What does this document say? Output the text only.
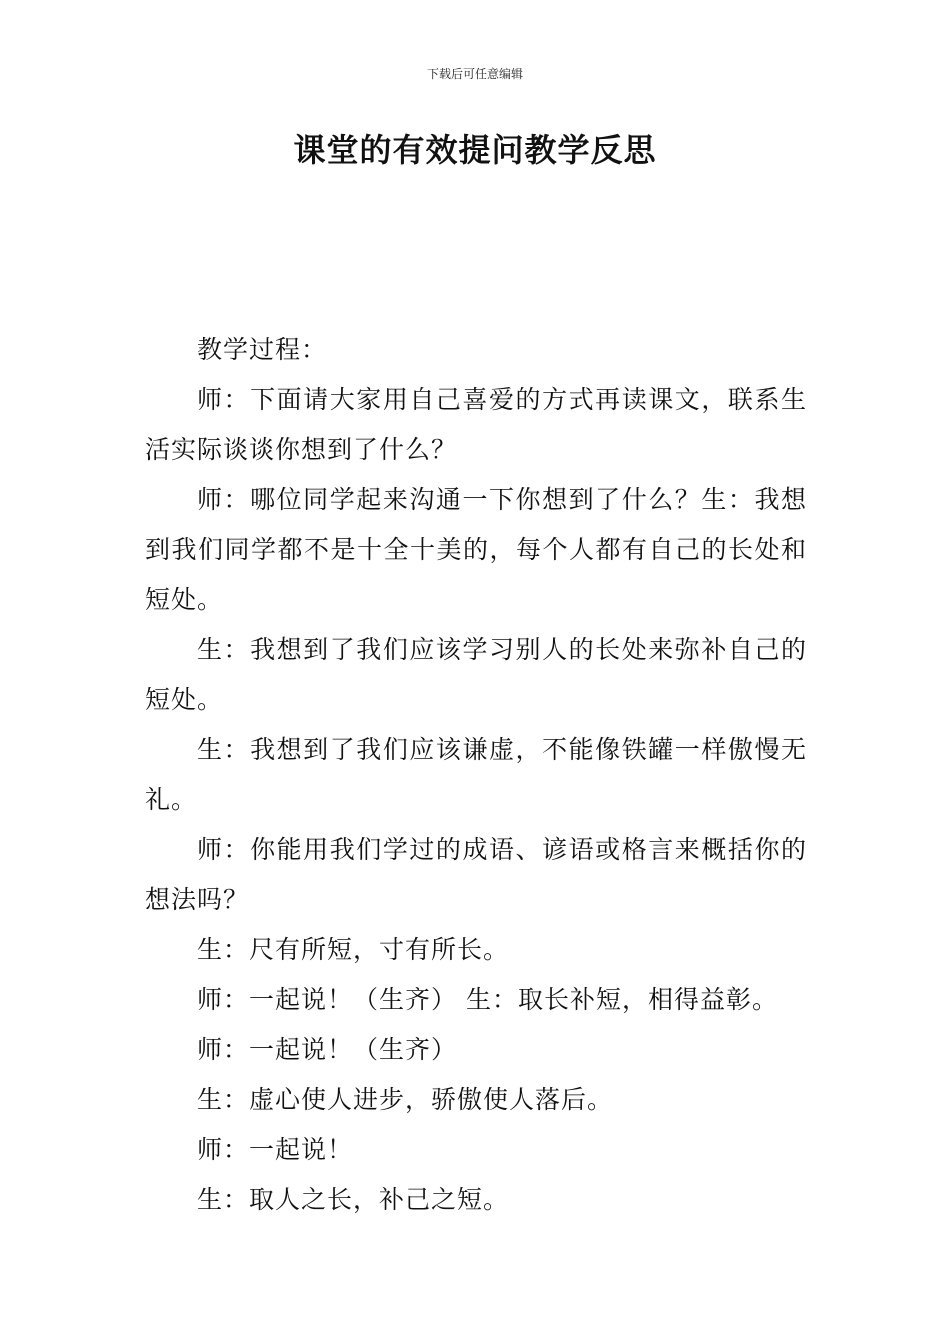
下载后可任意编辑
课堂的有效提问教学反思

教学过程：

师：下面请大家用自己喜爱的方式再读课文，联系生活实际谈谈你想到了什么？

师：哪位同学起来沟通一下你想到了什么？生：我想到我们同学都不是十全十美的，每个人都有自己的长处和短处。

生：我想到了我们应该学习别人的长处来弥补自己的短处。

生：我想到了我们应该谦虚，不能像铁罐一样傲慢无礼。

师：你能用我们学过的成语、谚语或格言来概括你的想法吗？

生：尺有所短，寸有所长。

师：一起说！（生齐） 生：取长补短，相得益彰。

师：一起说！（生齐）

生：虚心使人进步，骄傲使人落后。

师：一起说！

生：取人之长，补己之短。
